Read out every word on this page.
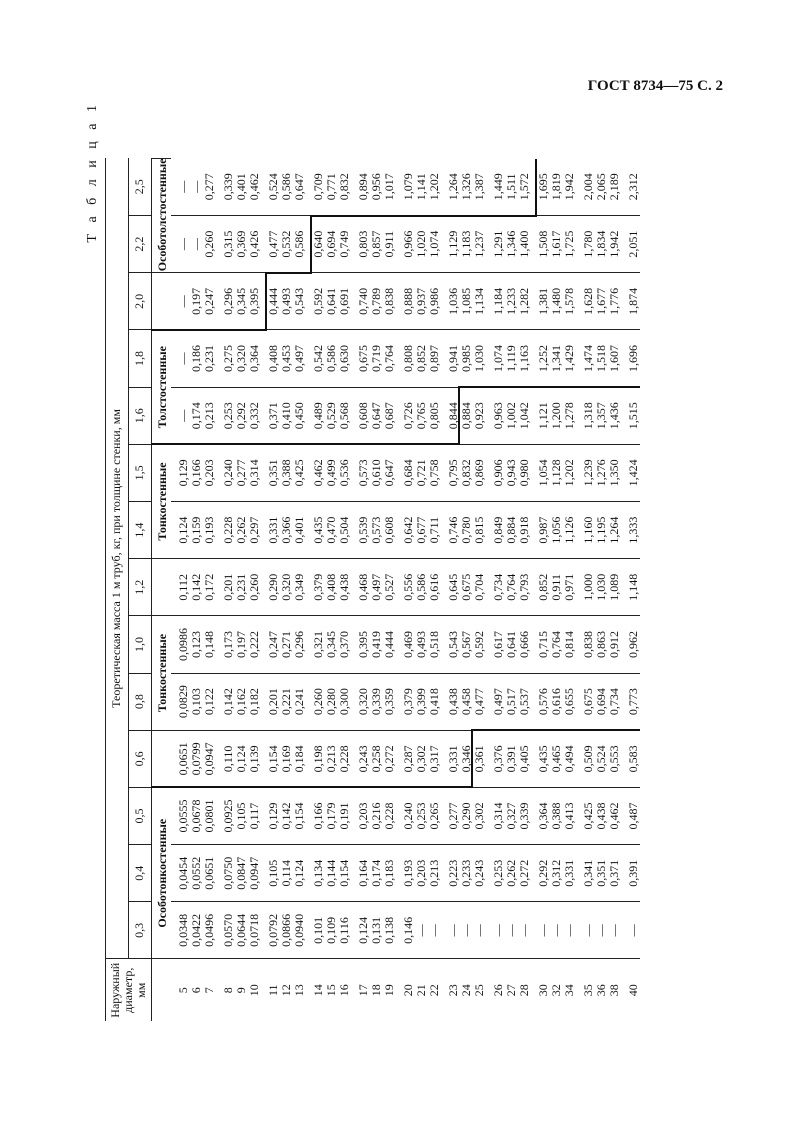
ГОСТ 8734—75 С. 2
Т а б л и ц а 1
Наружный диаметр, мм	Теоретическая масса 1 м труб, кг, при толщине стенки, мм														
	0,3	0,4	0,5	0,6	0,8	1,0	1,2	1,4	1,5	1,6	1,8	2,0	2,2	2,5	
	Особотонкостенные				Тонкостенные			Тонкостенные		Толстостенные			Особотолстостенные		

5 6 7	0,0348 0,0422 0,0496	0,0454 0,0552 0,0651	0,0555 0,0678 0,0801	0,0651 0,0799 0,0947	0,0829 0,103 0,122	0,0986 0,123 0,148	0,112 0,142 0,172	0,124 0,159 0,193	0,129 0,166 0,203	— 0,174 0,213	— 0,186 0,231	— 0,197 0,247	— — 0,260	— — 0,277	

8 9 10	0,0570 0,0644 0,0718	0,0750 0,0847 0,0947	0,0925 0,105 0,117	0,110 0,124 0,139	0,142 0,162 0,182	0,173 0,197 0,222	0,201 0,231 0,260	0,228 0,262 0,297	0,240 0,277 0,314	0,253 0,292 0,332	0,275 0,320 0,364	0,296 0,345 0,395	0,315 0,369 0,426	0,339 0,401 0,462	

11 12 13	0,0792 0,0866 0,0940	0,105 0,114 0,124	0,129 0,142 0,154	0,154 0,169 0,184	0,201 0,221 0,241	0,247 0,271 0,296	0,290 0,320 0,349	0,331 0,366 0,401	0,351 0,388 0,425	0,371 0,410 0,450	0,408 0,453 0,497	0,444 0,493 0,543	0,477 0,532 0,586	0,524 0,586 0,647	

14 15 16	0,101 0,109 0,116	0,134 0,144 0,154	0,166 0,179 0,191	0,198 0,213 0,228	0,260 0,280 0,300	0,321 0,345 0,370	0,379 0,408 0,438	0,435 0,470 0,504	0,462 0,499 0,536	0,489 0,529 0,568	0,542 0,586 0,630	0,592 0,641 0,691	0,640 0,694 0,749	0,709 0,771 0,832	

17 18 19	0,124 0,131 0,138	0,164 0,174 0,183	0,203 0,216 0,228	0,243 0,258 0,272	0,320 0,339 0,359	0,395 0,419 0,444	0,468 0,497 0,527	0,539 0,573 0,608	0,573 0,610 0,647	0,608 0,647 0,687	0,675 0,719 0,764	0,740 0,789 0,838	0,803 0,857 0,911	0,894 0,956 1,017	

20 21 22	0,146 — —	0,193 0,203 0,213	0,240 0,253 0,265	0,287 0,302 0,317	0,379 0,399 0,418	0,469 0,493 0,518	0,556 0,586 0,616	0,642 0,677 0,711	0,684 0,721 0,758	0,726 0,765 0,805	0,808 0,852 0,897	0,888 0,937 0,986	0,966 1,020 1,074	1,079 1,141 1,202	

23 24 25	— — —	0,223 0,233 0,243	0,277 0,290 0,302	0,331 0,346 0,361	0,438 0,458 0,477	0,543 0,567 0,592	0,645 0,675 0,704	0,746 0,780 0,815	0,795 0,832 0,869	0,844 0,884 0,923	0,941 0,985 1,030	1,036 1,085 1,134	1,129 1,183 1,237	1,264 1,326 1,387	

26 27 28	— — —	0,253 0,262 0,272	0,314 0,327 0,339	0,376 0,391 0,405	0,497 0,517 0,537	0,617 0,641 0,666	0,734 0,764 0,793	0,849 0,884 0,918	0,906 0,943 0,980	0,963 1,002 1,042	1,074 1,119 1,163	1,184 1,233 1,282	1,291 1,346 1,400	1,449 1,511 1,572	

30 32 34	— — —	0,292 0,312 0,331	0,364 0,388 0,413	0,435 0,465 0,494	0,576 0,616 0,655	0,715 0,764 0,814	0,852 0,911 0,971	0,987 1,056 1,126	1,054 1,128 1,202	1,121 1,200 1,278	1,252 1,341 1,429	1,381 1,480 1,578	1,508 1,617 1,725	1,695 1,819 1,942	

35 36 38	— — —	0,341 0,351 0,371	0,425 0,438 0,462	0,509 0,524 0,553	0,675 0,694 0,734	0,838 0,863 0,912	1,000 1,030 1,089	1,160 1,195 1,264	1,239 1,276 1,350	1,318 1,357 1,436	1,474 1,518 1,607	1,628 1,677 1,776	1,780 1,834 1,942	2,004 2,065 2,189	

40	—	0,391	0,487	0,583	0,773	0,962	1,148	1,333	1,424	1,515	1,696	1,874	2,051	2,312	
